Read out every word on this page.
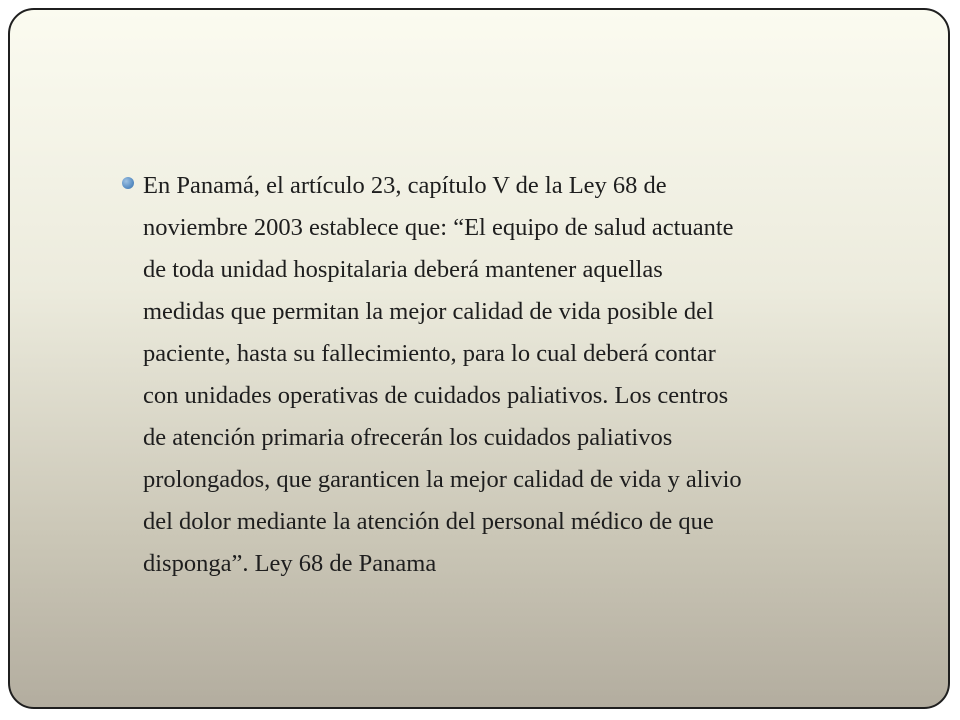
En Panamá, el artículo 23, capítulo V de la Ley 68 de
noviembre 2003 establece que: “El equipo de salud actuante
de toda unidad hospitalaria deberá mantener aquellas
medidas que permitan la mejor calidad de vida posible del
paciente, hasta su fallecimiento, para lo cual deberá contar
con unidades operativas de cuidados paliativos. Los centros
de atención primaria ofrecerán los cuidados paliativos
prolongados, que garanticen la mejor calidad de vida y alivio
del dolor mediante la atención del personal médico de que
disponga”. Ley 68 de Panama
